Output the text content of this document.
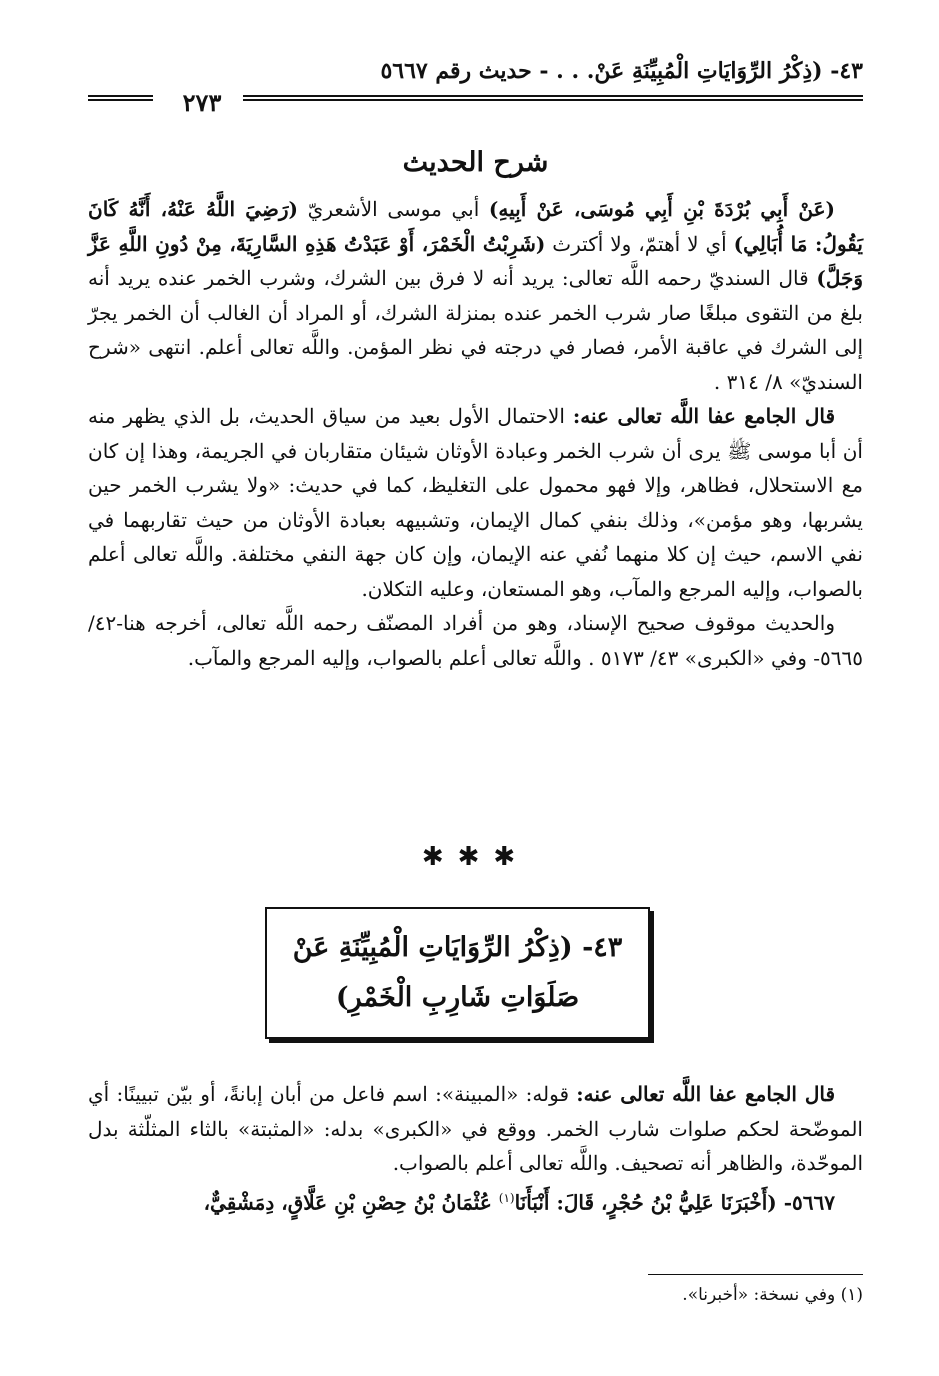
٤٣- (ذِكْرُ الرِّوَايَاتِ الْمُبِيِّنَةِ عَنْ. . . - حديث رقم ٥٦٦٧
٢٧٣
شرح الحديث

(عَنْ أَبِي بُرْدَةَ بْنِ أَبِي مُوسَى، عَنْ أَبِيهِ) أبي موسى الأشعريّ (رَضِيَ اللَّهُ عَنْهُ، أَنَّهُ كَانَ يَقُولُ: مَا أُبَالِي) أي لا أهتمّ، ولا أكترث (شَرِبْتُ الْخَمْرَ، أَوْ عَبَدْتُ هَذِهِ السَّارِيَةَ، مِنْ دُونِ اللَّهِ عَزَّ وَجَلَّ) قال السنديّ رحمه اللَّه تعالى: يريد أنه لا فرق بين الشرك، وشرب الخمر عنده يريد أنه بلغ من التقوى مبلغًا صار شرب الخمر عنده بمنزلة الشرك، أو المراد أن الغالب أن الخمر يجرّ إلى الشرك في عاقبة الأمر، فصار في درجته في نظر المؤمن. واللَّه تعالى أعلم. انتهى «شرح السنديّ» ٨/ ٣١٤ .

قال الجامع عفا اللَّه تعالى عنه: الاحتمال الأول بعيد من سياق الحديث، بل الذي يظهر منه أن أبا موسى ﷺ يرى أن شرب الخمر وعبادة الأوثان شيئان متقاربان في الجريمة، وهذا إن كان مع الاستحلال، فظاهر، وإلا فهو محمول على التغليظ، كما في حديث: «ولا يشرب الخمر حين يشربها، وهو مؤمن»، وذلك بنفي كمال الإيمان، وتشبيهه بعبادة الأوثان من حيث تقاربهما في نفي الاسم، حيث إن كلا منهما نُفي عنه الإيمان، وإن كان جهة النفي مختلفة. واللَّه تعالى أعلم بالصواب، وإليه المرجع والمآب، وهو المستعان، وعليه التكلان.

والحديث موقوف صحيح الإسناد، وهو من أفراد المصنّف رحمه اللَّه تعالى، أخرجه هنا-٤٢/ ٥٦٦٥- وفي «الكبرى» ٤٣/ ٥١٧٣ . واللَّه تعالى أعلم بالصواب، وإليه المرجع والمآب.

✱✱✱
٤٣- (ذِكْرُ الرِّوَايَاتِ الْمُبِيِّنَةِ عَنْ
صَلَوَاتِ شَارِبِ الْخَمْرِ)

قال الجامع عفا اللَّه تعالى عنه: قوله: «المبينة»: اسم فاعل من أبان إبانةً، أو بيّن تبيينًا: أي الموضّحة لحكم صلوات شارب الخمر. ووقع في «الكبرى» بدله: «المثبتة» بالثاء المثلّثة بدل الموحّدة، والظاهر أنه تصحيف. واللَّه تعالى أعلم بالصواب.

٥٦٦٧- (أَخْبَرَنَا عَلِيُّ بْنُ حُجْرٍ، قَالَ: أَنْبَأَنَا$^{(١)}$ عُثْمَانُ بْنُ حِصْنِ بْنِ عَلَّاقٍ، دِمَشْقِيٌّ،

(١) وفي نسخة: «أخبرنا».
